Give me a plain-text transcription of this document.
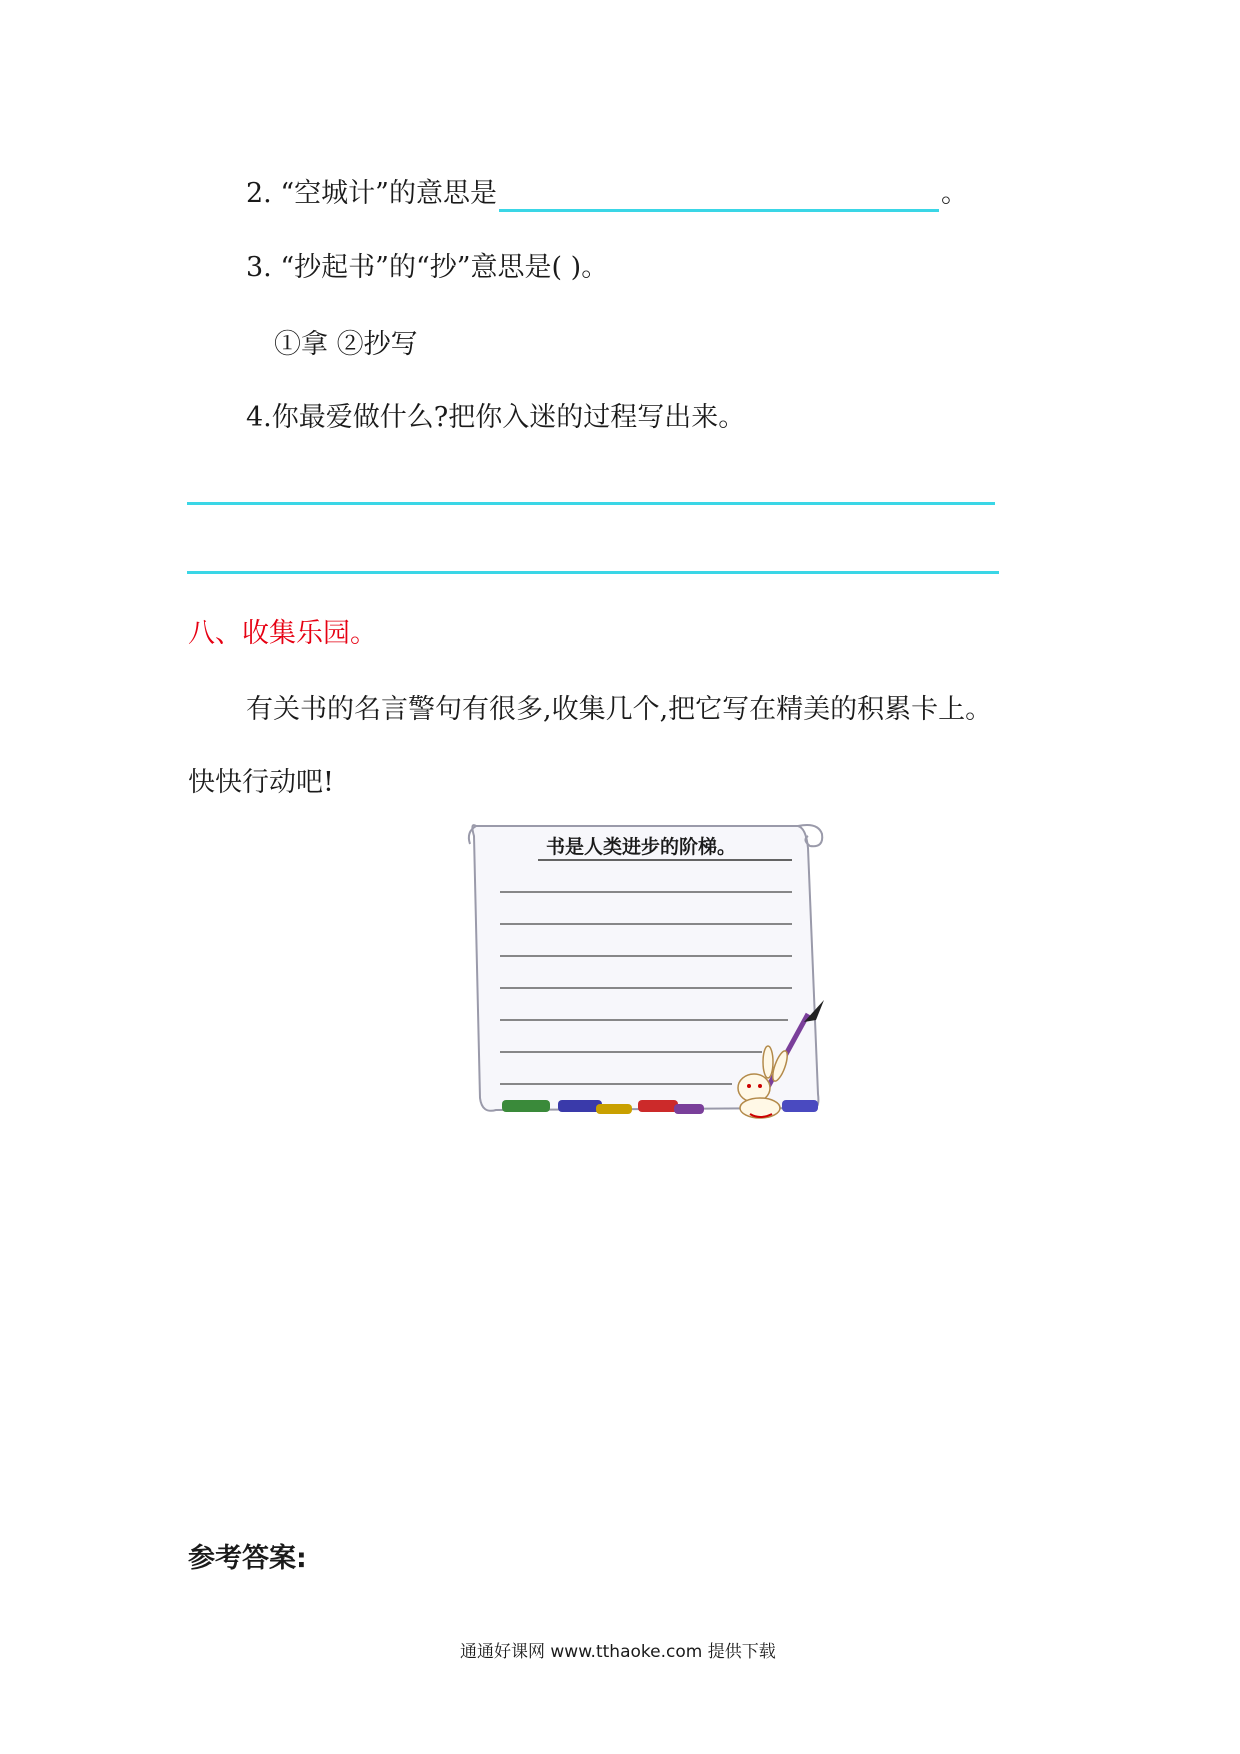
2. “空城计”的意思是	。
3. “抄起书”的“抄”意思是( )。
①拿 ②抄写
4.你最爱做什么?把你入迷的过程写出来。
八、收集乐园。
有关书的名言警句有很多,收集几个,把它写在精美的积累卡上。
快快行动吧!
书是人类进步的阶梯。
参考答案:
通通好课网 www.tthaoke.com 提供下载
